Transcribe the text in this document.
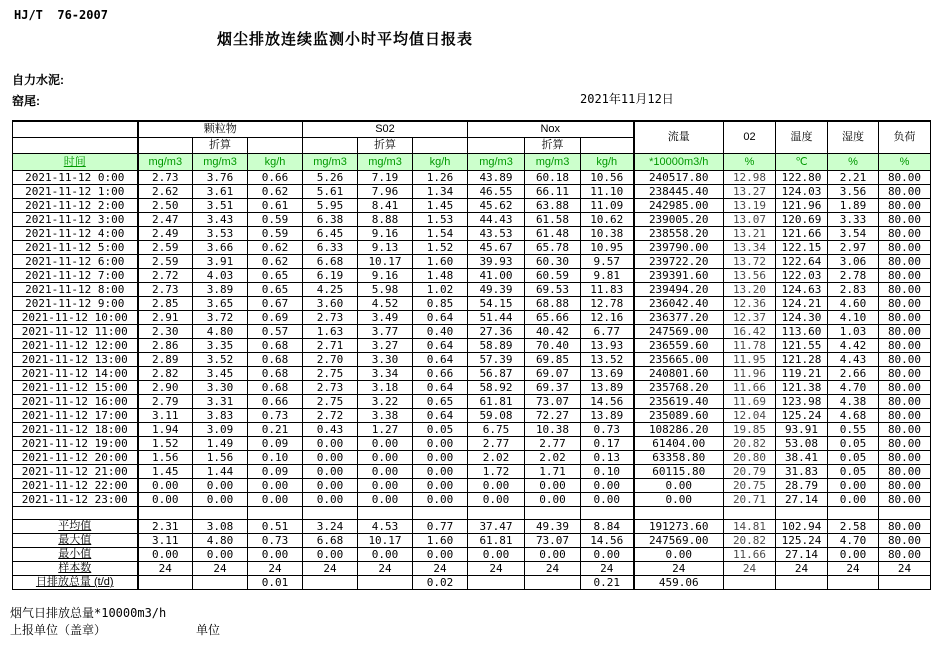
HJ/T  76-2007
烟尘排放连续监测小时平均值日报表
自力水泥:
窑尾:	2021年11月12日
	颗粒物			S02			Nox			流量	02	温度	湿度	负荷
		折算			折算			折算						
时间	mg/m3	mg/m3	kg/h	mg/m3	mg/m3	kg/h	mg/m3	mg/m3	kg/h	*10000m3/h	%	℃	%	%
2021-11-12 0:00	2.73	3.76	0.66	5.26	7.19	1.26	43.89	60.18	10.56	240517.80	12.98	122.80	2.21	80.00
2021-11-12 1:00	2.62	3.61	0.62	5.61	7.96	1.34	46.55	66.11	11.10	238445.40	13.27	124.03	3.56	80.00
2021-11-12 2:00	2.50	3.51	0.61	5.95	8.41	1.45	45.62	63.88	11.09	242985.00	13.19	121.96	1.89	80.00
2021-11-12 3:00	2.47	3.43	0.59	6.38	8.88	1.53	44.43	61.58	10.62	239005.20	13.07	120.69	3.33	80.00
2021-11-12 4:00	2.49	3.53	0.59	6.45	9.16	1.54	43.53	61.48	10.38	238558.20	13.21	121.66	3.54	80.00
2021-11-12 5:00	2.59	3.66	0.62	6.33	9.13	1.52	45.67	65.78	10.95	239790.00	13.34	122.15	2.97	80.00
2021-11-12 6:00	2.59	3.91	0.62	6.68	10.17	1.60	39.93	60.30	9.57	239722.20	13.72	122.64	3.06	80.00
2021-11-12 7:00	2.72	4.03	0.65	6.19	9.16	1.48	41.00	60.59	9.81	239391.60	13.56	122.03	2.78	80.00
2021-11-12 8:00	2.73	3.89	0.65	4.25	5.98	1.02	49.39	69.53	11.83	239494.20	13.20	124.63	2.83	80.00
2021-11-12 9:00	2.85	3.65	0.67	3.60	4.52	0.85	54.15	68.88	12.78	236042.40	12.36	124.21	4.60	80.00
2021-11-12 10:00	2.91	3.72	0.69	2.73	3.49	0.64	51.44	65.66	12.16	236377.20	12.37	124.30	4.10	80.00
2021-11-12 11:00	2.30	4.80	0.57	1.63	3.77	0.40	27.36	40.42	6.77	247569.00	16.42	113.60	1.03	80.00
2021-11-12 12:00	2.86	3.35	0.68	2.71	3.27	0.64	58.89	70.40	13.93	236559.60	11.78	121.55	4.42	80.00
2021-11-12 13:00	2.89	3.52	0.68	2.70	3.30	0.64	57.39	69.85	13.52	235665.00	11.95	121.28	4.43	80.00
2021-11-12 14:00	2.82	3.45	0.68	2.75	3.34	0.66	56.87	69.07	13.69	240801.60	11.96	119.21	2.66	80.00
2021-11-12 15:00	2.90	3.30	0.68	2.73	3.18	0.64	58.92	69.37	13.89	235768.20	11.66	121.38	4.70	80.00
2021-11-12 16:00	2.79	3.31	0.66	2.75	3.22	0.65	61.81	73.07	14.56	235619.40	11.69	123.98	4.38	80.00
2021-11-12 17:00	3.11	3.83	0.73	2.72	3.38	0.64	59.08	72.27	13.89	235089.60	12.04	125.24	4.68	80.00
2021-11-12 18:00	1.94	3.09	0.21	0.43	1.27	0.05	6.75	10.38	0.73	108286.20	19.85	93.91	0.55	80.00
2021-11-12 19:00	1.52	1.49	0.09	0.00	0.00	0.00	2.77	2.77	0.17	61404.00	20.82	53.08	0.05	80.00
2021-11-12 20:00	1.56	1.56	0.10	0.00	0.00	0.00	2.02	2.02	0.13	63358.80	20.80	38.41	0.05	80.00
2021-11-12 21:00	1.45	1.44	0.09	0.00	0.00	0.00	1.72	1.71	0.10	60115.80	20.79	31.83	0.05	80.00
2021-11-12 22:00	0.00	0.00	0.00	0.00	0.00	0.00	0.00	0.00	0.00	0.00	20.75	28.79	0.00	80.00
2021-11-12 23:00	0.00	0.00	0.00	0.00	0.00	0.00	0.00	0.00	0.00	0.00	20.71	27.14	0.00	80.00

平均值	2.31	3.08	0.51	3.24	4.53	0.77	37.47	49.39	8.84	191273.60	14.81	102.94	2.58	80.00
最大值	3.11	4.80	0.73	6.68	10.17	1.60	61.81	73.07	14.56	247569.00	20.82	125.24	4.70	80.00
最小值	0.00	0.00	0.00	0.00	0.00	0.00	0.00	0.00	0.00	0.00	11.66	27.14	0.00	80.00
样本数	24	24	24	24	24	24	24	24	24	24	24	24	24	24
日排放总量 (t/d)			0.01			0.02			0.21	459.06				
烟气日排放总量*10000m3/h
上报单位（盖章）	单位
